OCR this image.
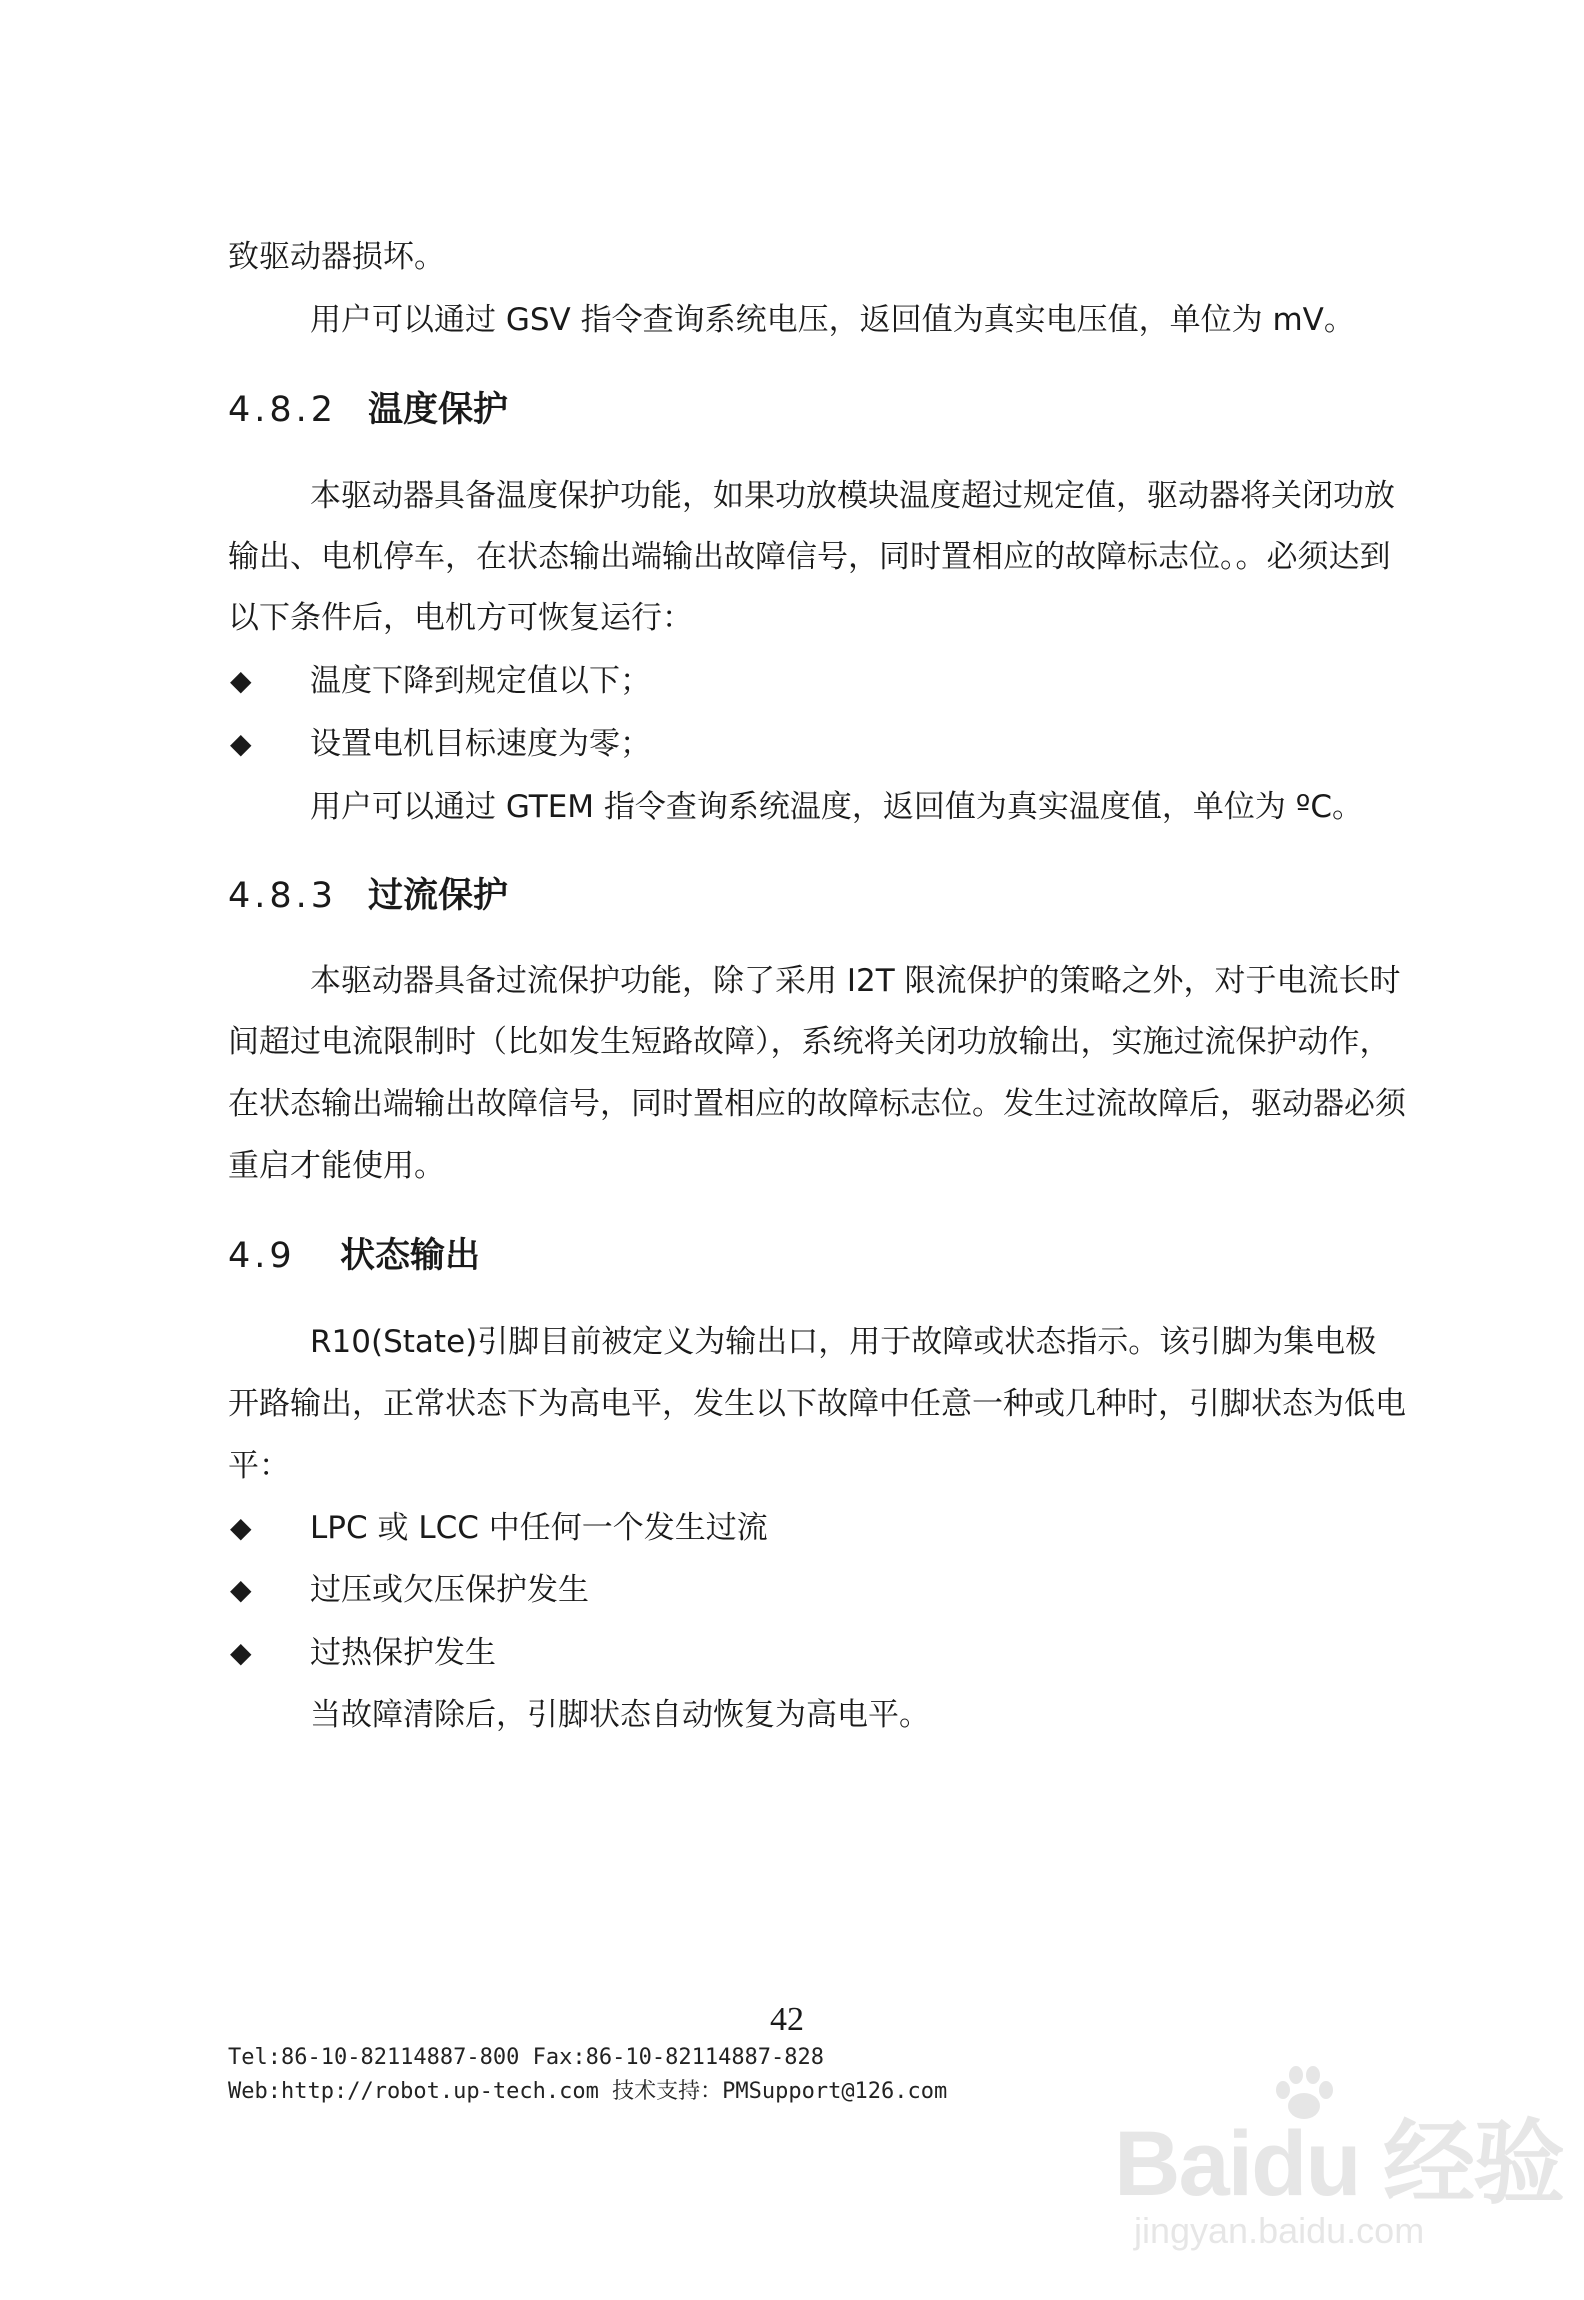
致驱动器损坏。
用户可以通过 GSV 指令查询系统电压，返回值为真实电压值，单位为 mV。
4.8.2 温度保护
本驱动器具备温度保护功能，如果功放模块温度超过规定值，驱动器将关闭功放
输出、电机停车，在状态输出端输出故障信号，同时置相应的故障标志位。。必须达到
以下条件后，电机方可恢复运行：
◆ 温度下降到规定值以下；
◆ 设置电机目标速度为零；
用户可以通过 GTEM 指令查询系统温度，返回值为真实温度值，单位为 ºC。
4.8.3 过流保护
本驱动器具备过流保护功能，除了采用 I2T 限流保护的策略之外，对于电流长时
间超过电流限制时（比如发生短路故障），系统将关闭功放输出，实施过流保护动作，
在状态输出端输出故障信号，同时置相应的故障标志位。发生过流故障后，驱动器必须
重启才能使用。
4.9 状态输出
R10(State)引脚目前被定义为输出口，用于故障或状态指示。该引脚为集电极
开路输出，正常状态下为高电平，发生以下故障中任意一种或几种时，引脚状态为低电
平：
◆ LPC 或 LCC 中任何一个发生过流
◆ 过压或欠压保护发生
◆ 过热保护发生
当故障清除后，引脚状态自动恢复为高电平。
42
Tel:86-10-82114887-800 Fax:86-10-82114887-828
Web:http://robot.up-tech.com 技术支持：PMSupport@126.com
Baidu 经验
jingyan.baidu.com
